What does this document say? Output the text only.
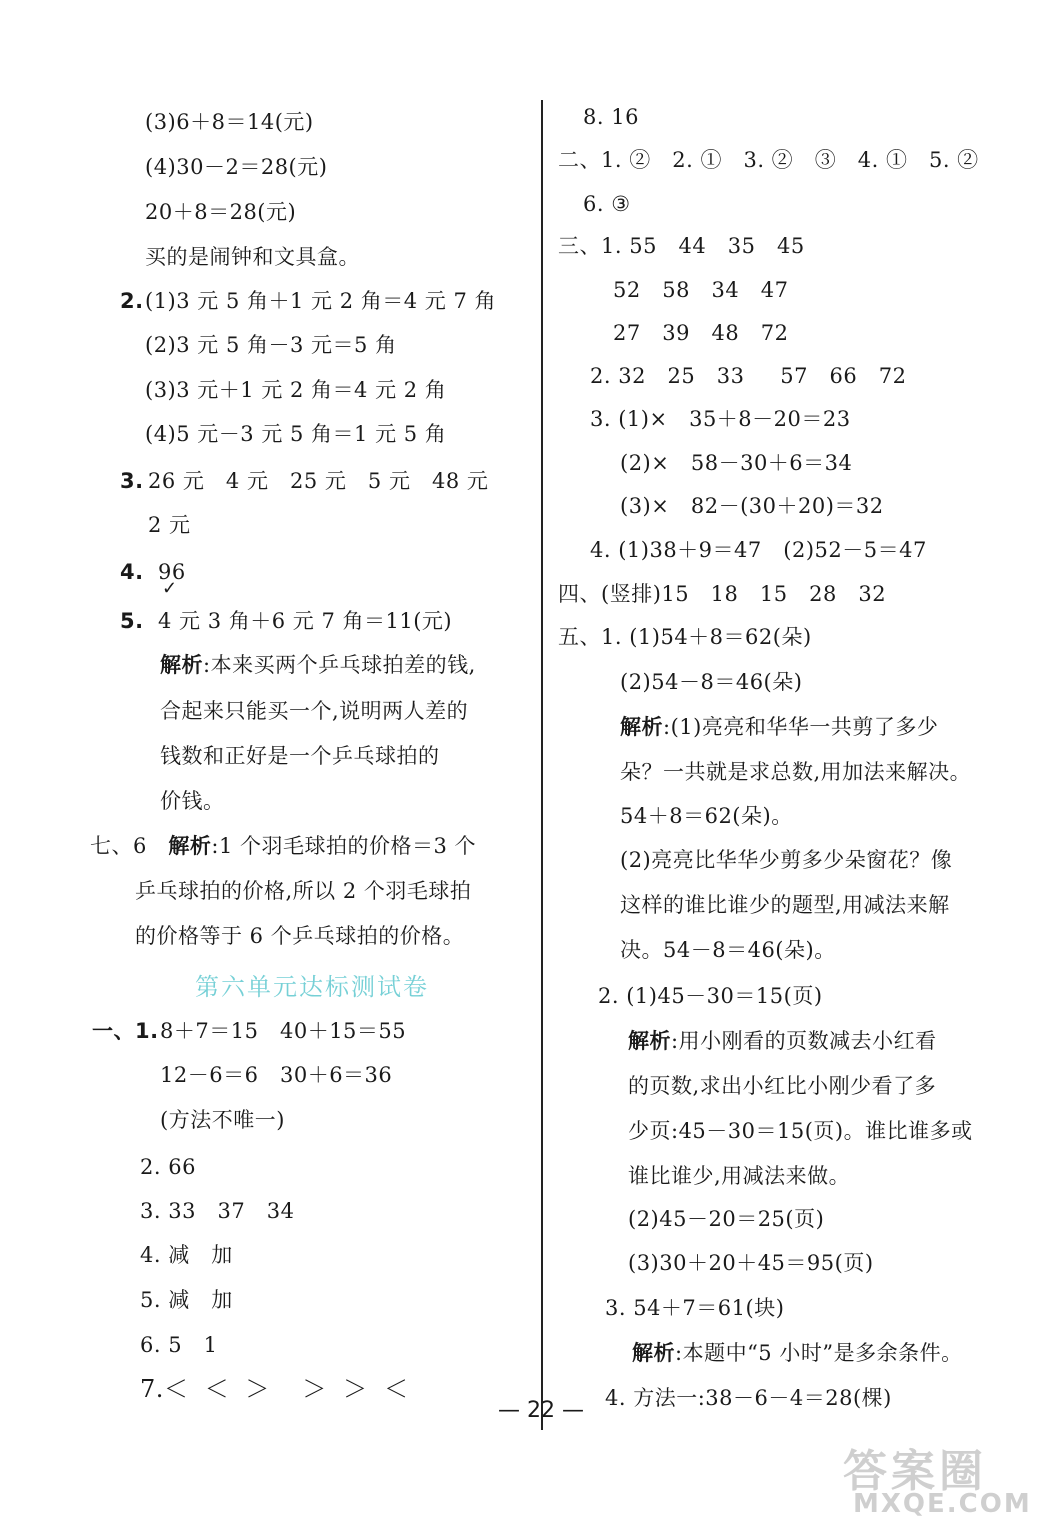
(3)6＋8＝14(元)
(4)30－2＝28(元)
20＋8＝28(元)
买的是闹钟和文具盒。
2. (1)3 元 5 角＋1 元 2 角＝4 元 7 角
(2)3 元 5 角－3 元＝5 角
(3)3 元＋1 元 2 角＝4 元 2 角
(4)5 元－3 元 5 角＝1 元 5 角
3. 26 元   4 元   25 元   5 元   48 元
2 元
4. 96
✓
5. 4 元 3 角＋6 元 7 角＝11(元)
解析:本来买两个乒乓球拍差的钱,
合起来只能买一个,说明两人差的
钱数和正好是一个乒乓球拍的
价钱。
七、6 解析:1 个羽毛球拍的价格＝3 个
乒乓球拍的价格,所以 2 个羽毛球拍
的价格等于 6 个乒乓球拍的价格。
第六单元达标测试卷
一、1. 8＋7＝15   40＋15＝55
12－6＝6   30＋6＝36
(方法不唯一)
2. 66
3. 33   37   34
4. 减   加
5. 减   加
6. 5   1
7.＜  ＜  ＞    ＞  ＞  ＜
8. 16
二、1. ②   2. ①   3. ②   ③   4. ①   5. ②
6. ③
三、1. 55   44   35   45
52   58   34   47
27   39   48   72
2. 32   25   33     57   66   72
3. (1)×   35＋8－20＝23
(2)×   58－30＋6＝34
(3)×   82－(30＋20)＝32
4. (1)38＋9＝47   (2)52－5＝47
四、(竖排)15   18   15   28   32
五、1. (1)54＋8＝62(朵)
(2)54－8＝46(朵)
解析:(1)亮亮和华华一共剪了多少
朵？一共就是求总数,用加法来解决。
54＋8＝62(朵)。
(2)亮亮比华华少剪多少朵窗花？像
这样的谁比谁少的题型,用减法来解
决。54－8＝46(朵)。
2. (1)45－30＝15(页)
解析:用小刚看的页数减去小红看
的页数,求出小红比小刚少看了多
少页:45－30＝15(页)。谁比谁多或
谁比谁少,用减法来做。
(2)45－20＝25(页)
(3)30＋20＋45＝95(页)
3. 54＋7＝61(块)
解析:本题中“5 小时”是多余条件。
4. 方法一:38－6－4＝28(棵)
— 22 —
答案圈
MXQE.COM
